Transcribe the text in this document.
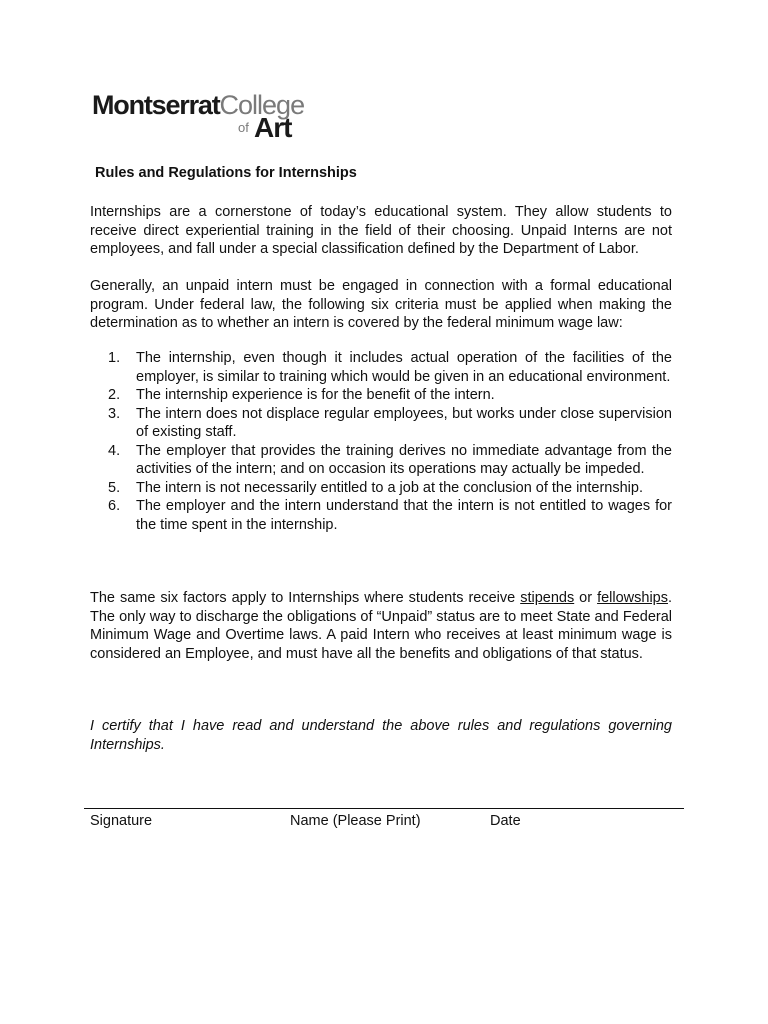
MontserratCollege
of Art
Rules and Regulations for Internships

Internships are a cornerstone of today’s educational system. They allow students to receive direct experiential training in the field of their choosing. Unpaid Interns are not employees, and fall under a special classification defined by the Department of Labor.

Generally, an unpaid intern must be engaged in connection with a formal educational program. Under federal law, the following six criteria must be applied when making the determination as to whether an intern is covered by the federal minimum wage law:

1.	The internship, even though it includes actual operation of the facilities of the employer, is similar to training which would be given in an educational environment.
2.	The internship experience is for the benefit of the intern.
3.	The intern does not displace regular employees, but works under close supervision of existing staff.
4.	The employer that provides the training derives no immediate advantage from the activities of the intern; and on occasion its operations may actually be impeded.
5.	The intern is not necessarily entitled to a job at the conclusion of the internship.
6.	The employer and the intern understand that the intern is not entitled to wages for the time spent in the internship.

The same six factors apply to Internships where students receive stipends or fellowships. The only way to discharge the obligations of “Unpaid” status are to meet State and Federal Minimum Wage and Overtime laws. A paid Intern who receives at least minimum wage is considered an Employee, and must have all the benefits and obligations of that status.

I certify that I have read and understand the above rules and regulations governing Internships.

Signature	Name (Please Print)	Date
